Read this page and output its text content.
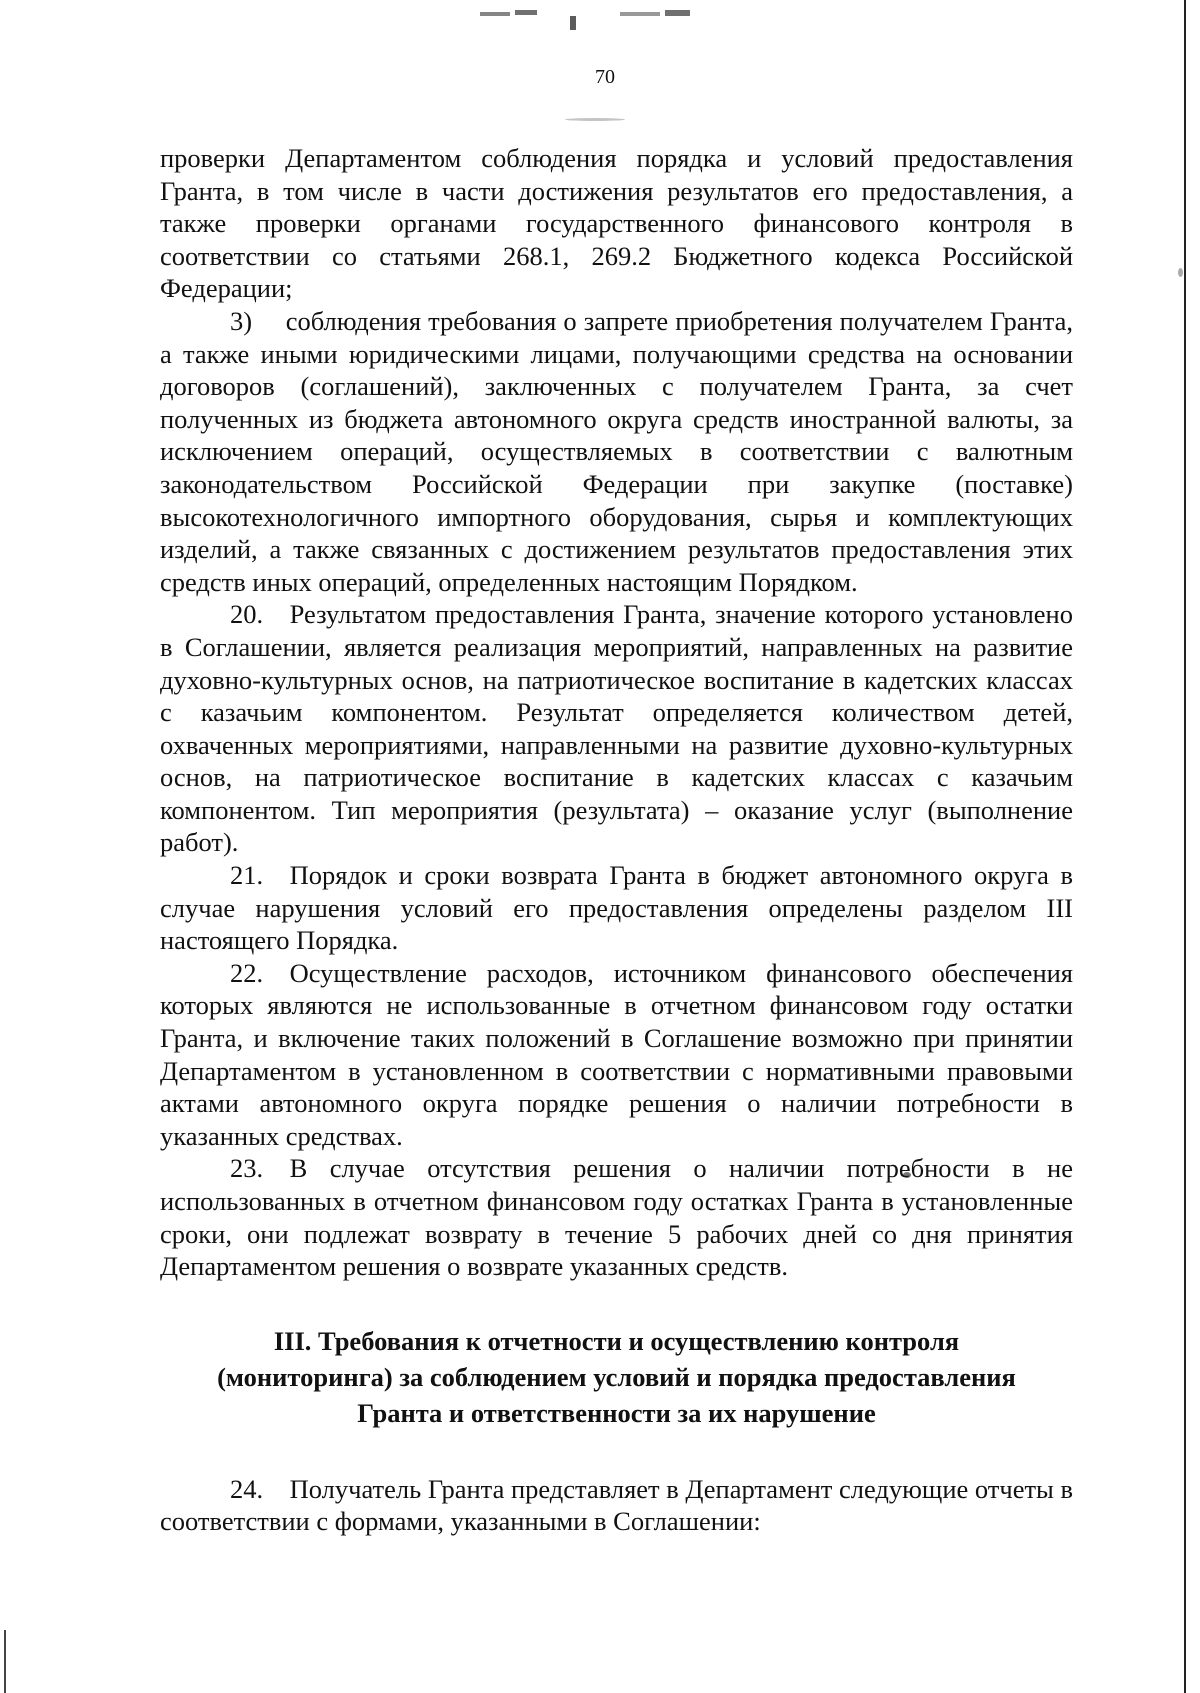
70

проверки Департаментом соблюдения порядка и условий предоставления Гранта, в том числе в части достижения результатов его предоставления, а также проверки органами государственного финансового контроля в соответствии со статьями 268.1, 269.2 Бюджетного кодекса Российской Федерации;

3)  соблюдения требования о запрете приобретения получателем Гранта, а также иными юридическими лицами, получающими средства на основании договоров (соглашений), заключенных с получателем Гранта, за счет полученных из бюджета автономного округа средств иностранной валюты, за исключением операций, осуществляемых в соответствии с валютным законодательством Российской Федерации при закупке (поставке) высокотехнологичного импортного оборудования, сырья и комплектующих изделий, а также связанных с достижением результатов предоставления этих средств иных операций, определенных настоящим Порядком.

20. Результатом предоставления Гранта, значение которого установлено в Соглашении, является реализация мероприятий, направленных на развитие духовно-культурных основ, на патриотическое воспитание в кадетских классах с казачьим компонентом. Результат определяется количеством детей, охваченных мероприятиями, направленными на развитие духовно-культурных основ, на патриотическое воспитание в кадетских классах с казачьим компонентом. Тип мероприятия (результата) – оказание услуг (выполнение работ).

21. Порядок и сроки возврата Гранта в бюджет автономного округа в случае нарушения условий его предоставления определены разделом III настоящего Порядка.

22. Осуществление расходов, источником финансового обеспечения которых являются не использованные в отчетном финансовом году остатки Гранта, и включение таких положений в Соглашение возможно при принятии Департаментом в установленном в соответствии с нормативными правовыми актами автономного округа порядке решения о наличии потребности в указанных средствах.

23. В случае отсутствия решения о наличии потребности в не использованных в отчетном финансовом году остатках Гранта в установленные сроки, они подлежат возврату в течение 5 рабочих дней со дня принятия Департаментом решения о возврате указанных средств.

III. Требования к отчетности и осуществлению контроля
(мониторинга) за соблюдением условий и порядка предоставления
Гранта и ответственности за их нарушение

24. Получатель Гранта представляет в Департамент следующие отчеты в соответствии с формами, указанными в Соглашении:
